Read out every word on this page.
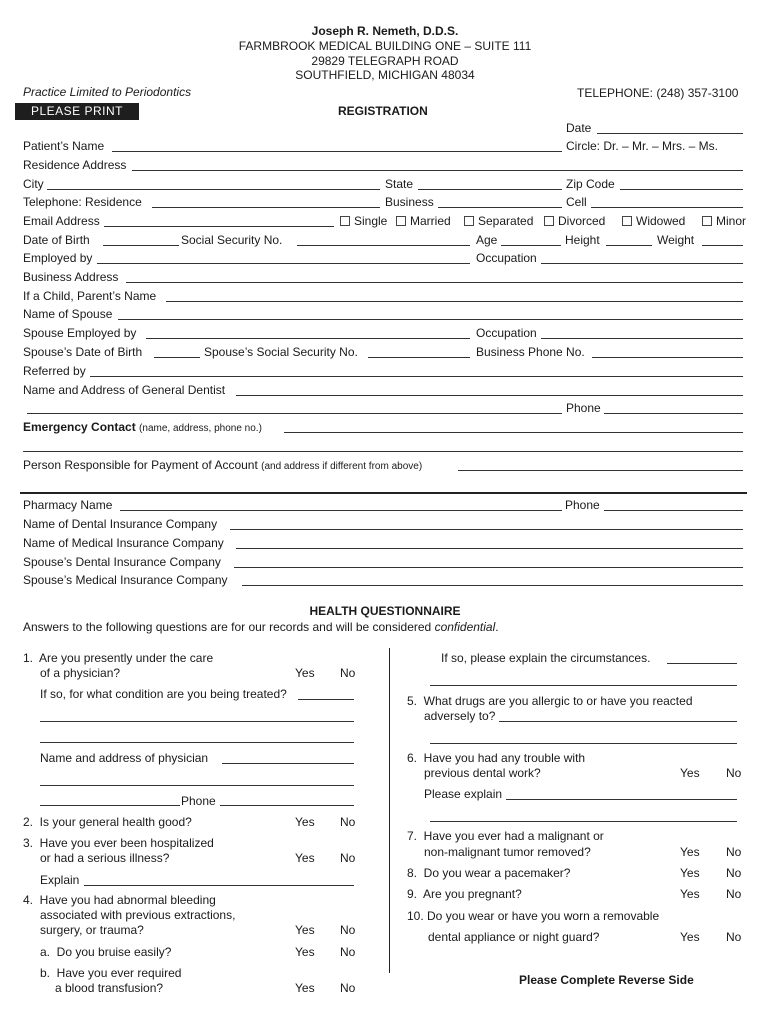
Joseph R. Nemeth, D.D.S.
FARMBROOK MEDICAL BUILDING ONE – SUITE 111
29829 TELEGRAPH ROAD
SOUTHFIELD, MICHIGAN 48034
Practice Limited to Periodontics	TELEPHONE: (248) 357-3100
PLEASE PRINT	REGISTRATION
Date
Patient’s Name	Circle: Dr. – Mr. – Mrs. – Ms.
Residence Address
City	State	Zip Code
Telephone: Residence	Business	Cell
Email Address	Single	Married	Separated	Divorced	Widowed	Minor
Date of Birth	Social Security No.	Age	Height	Weight
Employed by	Occupation
Business Address
If a Child, Parent’s Name
Name of Spouse
Spouse Employed by	Occupation
Spouse’s Date of Birth	Spouse’s Social Security No.	Business Phone No.
Referred by
Name and Address of General Dentist
Phone
Emergency Contact (name, address, phone no.)
Person Responsible for Payment of Account (and address if different from above)
Pharmacy Name	Phone
Name of Dental Insurance Company
Name of Medical Insurance Company
Spouse’s Dental Insurance Company
Spouse’s Medical Insurance Company
HEALTH QUESTIONNAIRE
Answers to the following questions are for our records and will be considered confidential.
1.  Are you presently under the care
of a physician?	Yes No
If so, for what condition are you being treated?
Name and address of physician
Phone
2.  Is your general health good?	Yes No
3.  Have you ever been hospitalized
or had a serious illness?	Yes No
Explain
4.  Have you had abnormal bleeding
associated with previous extractions,
surgery, or trauma?	Yes No
a.  Do you bruise easily?	Yes No
b.  Have you ever required
a blood transfusion?	Yes No
If so, please explain the circumstances.
5.  What drugs are you allergic to or have you reacted
adversely to?
6.  Have you had any trouble with
previous dental work?	Yes No
Please explain
7.  Have you ever had a malignant or
non-malignant tumor removed?	Yes No
8.  Do you wear a pacemaker?	Yes No
9.  Are you pregnant?	Yes No
10. Do you wear or have you worn a removable
dental appliance or night guard?	Yes No
Please Complete Reverse Side
